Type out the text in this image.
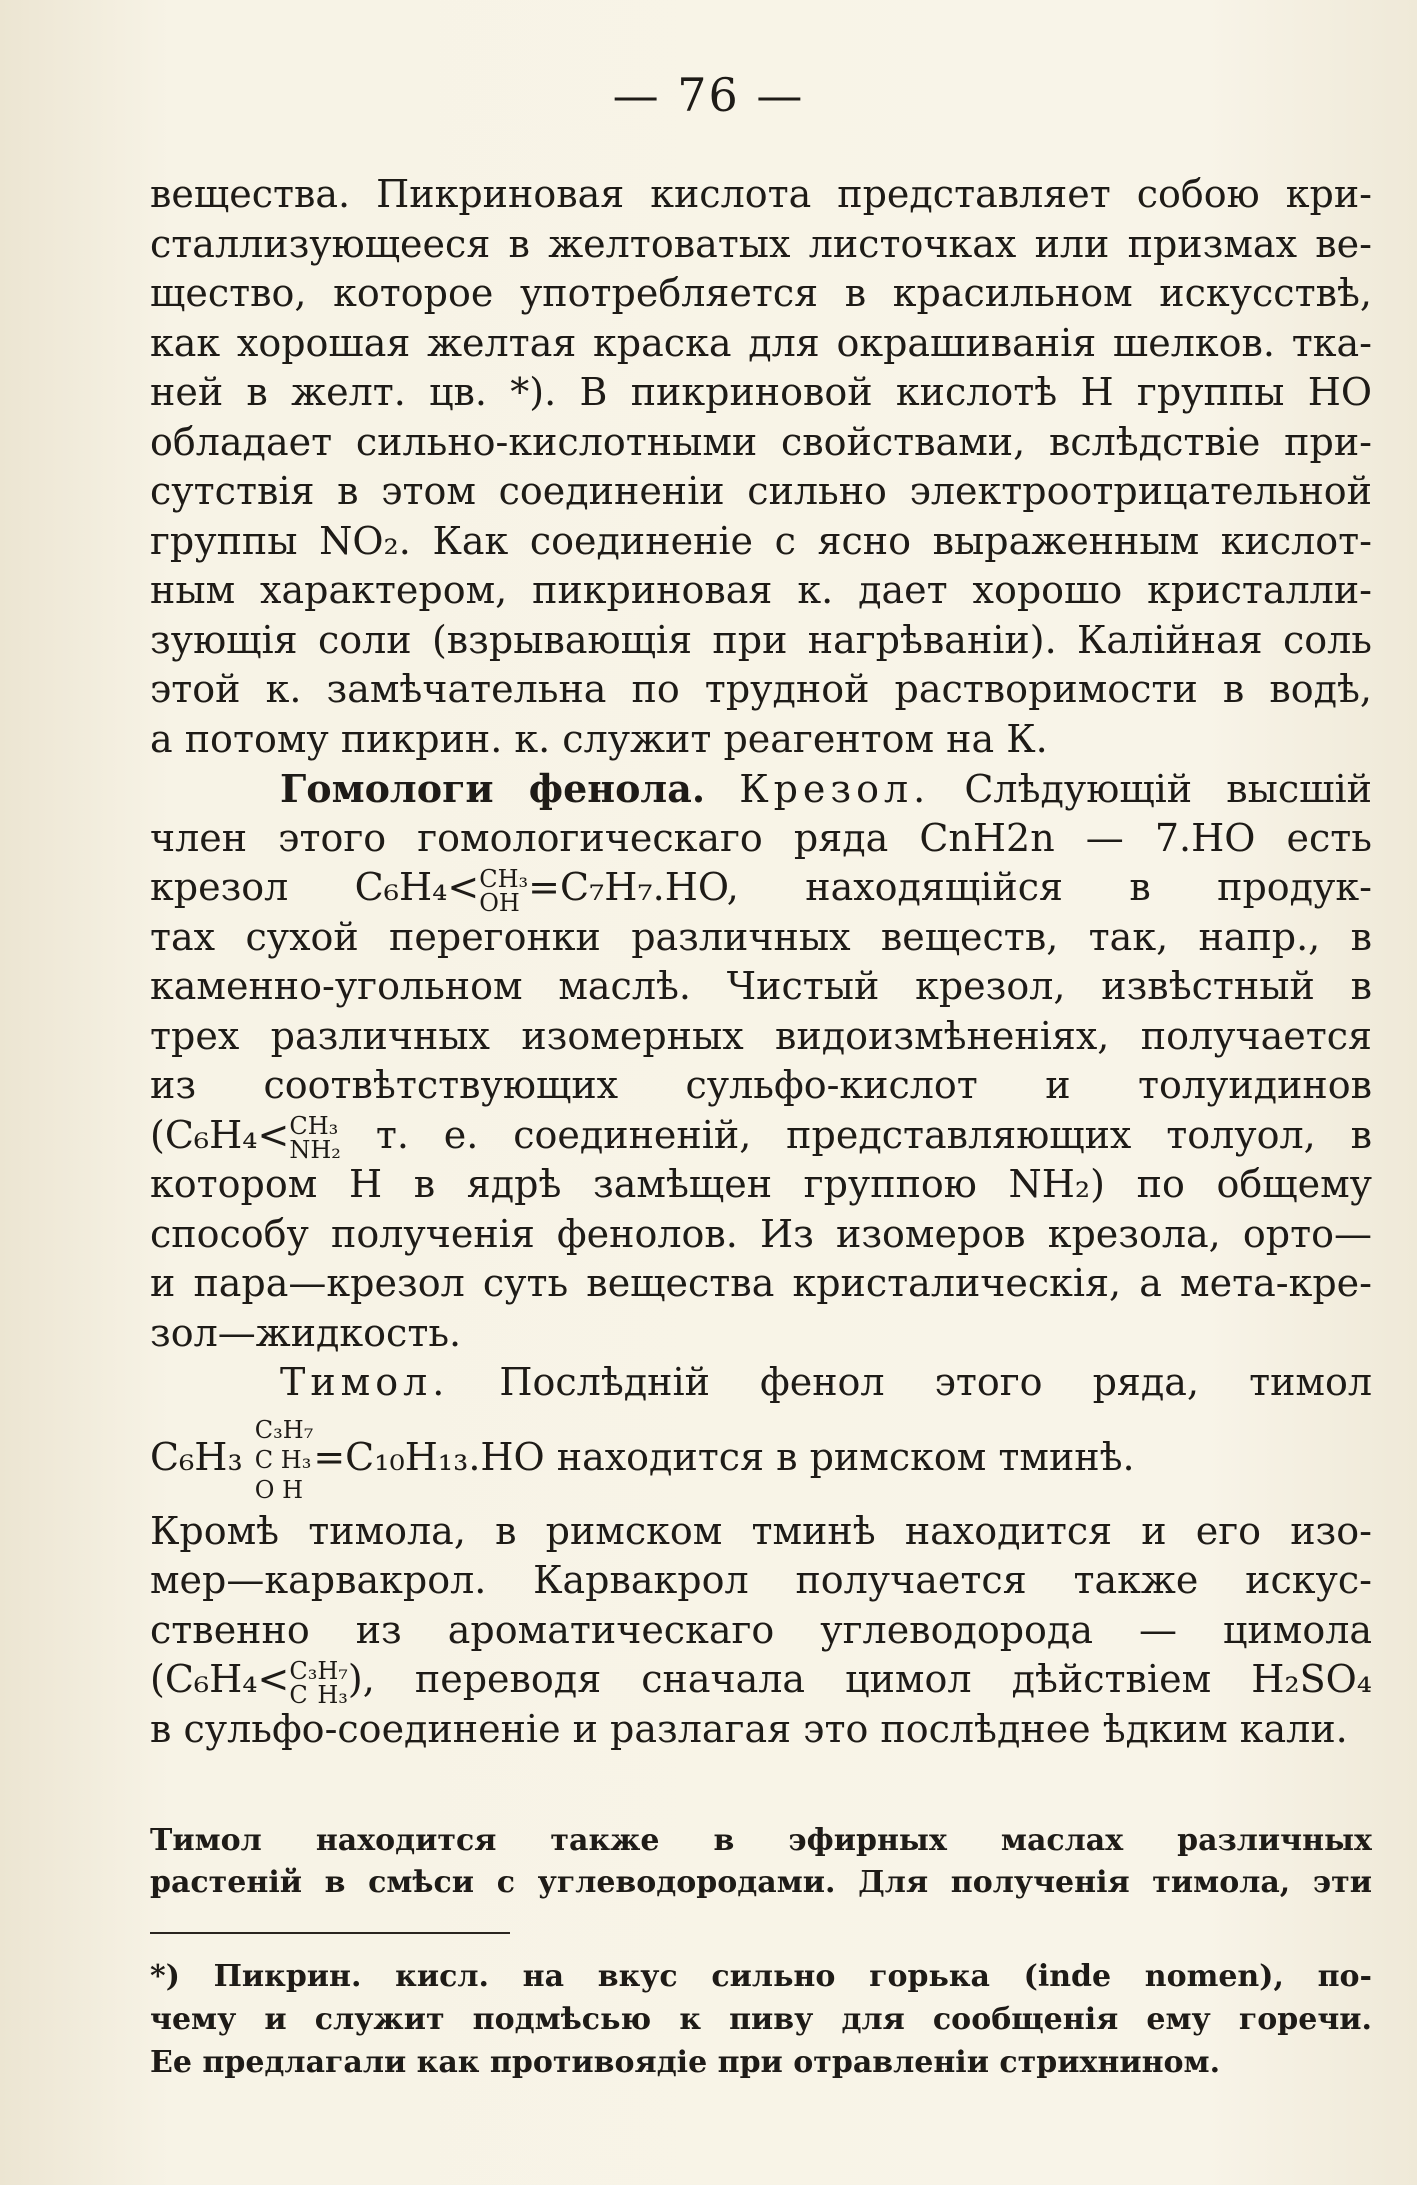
— 76 —
вещества. Пикриновая кислота представляет собою кри-
сталлизующееся в желтоватых листочках или призмах ве-
щество, которое употребляется в красильном искусствѣ,
как хорошая желтая краска для окрашиванія шелков. тка-
ней в желт. цв. *). В пикриновой кислотѣ Н группы НО
обладает сильно-кислотными свойствами, вслѣдствіе при-
сутствія в этом соединеніи сильно электроотрицательной
группы NO₂. Как соединеніе с ясно выраженным кислот-
ным характером, пикриновая к. дает хорошо кристалли-
зующія соли (взрывающія при нагрѣваніи). Калійная соль
этой к. замѣчательна по трудной растворимости в водѣ,
а потому пикрин. к. служит реагентом на К.
Гомологи фенола. Крезол. Слѣдующій высшій
член этого гомологическаго ряда CnH2n — 7.HO есть
крезол C₆H₄<CH₃
OH =C₇H₇.HO, находящійся в продук-
тах сухой перегонки различных веществ, так, напр., в
каменно-угольном маслѣ. Чистый крезол, извѣстный в
трех различных изомерных видоизмѣненіях, получается
из соотвѣтствующих сульфо-кислот и толуидинов
(C₆H₄<CH₃
NH₂ т. е. соединеній, представляющих толуол, в
котором Н в ядрѣ замѣщен группою NH₂) по общему
способу полученія фенолов. Из изомеров крезола, орто—
и пара—крезол суть вещества кристалическія, а мета-кре-
зол—жидкость.
Тимол. Послѣдній фенол этого ряда, тимол
C₆H₃ C₃H₇
C H₃
O H=C₁₀H₁₃.HO находится в римском тминѣ.
Кромѣ тимола, в римском тминѣ находится и его изо-
мер—карвакрол. Карвакрол получается также искус-
ственно из ароматическаго углеводорода — цимола
(C₆H₄<C₃H₇
C H₃), переводя сначала цимол дѣйствіем H₂SO₄
в сульфо-соединеніе и разлагая это послѣднее ѣдким кали.
Тимол находится также в эфирных маслах различных
растеній в смѣси с углеводородами. Для полученія тимола, эти
*) Пикрин. кисл. на вкус сильно горька (inde nomen), по-
чему и служит подмѣсью к пиву для сообщенія ему горечи.
Ее предлагали как противоядіе при отравленіи стрихнином.
